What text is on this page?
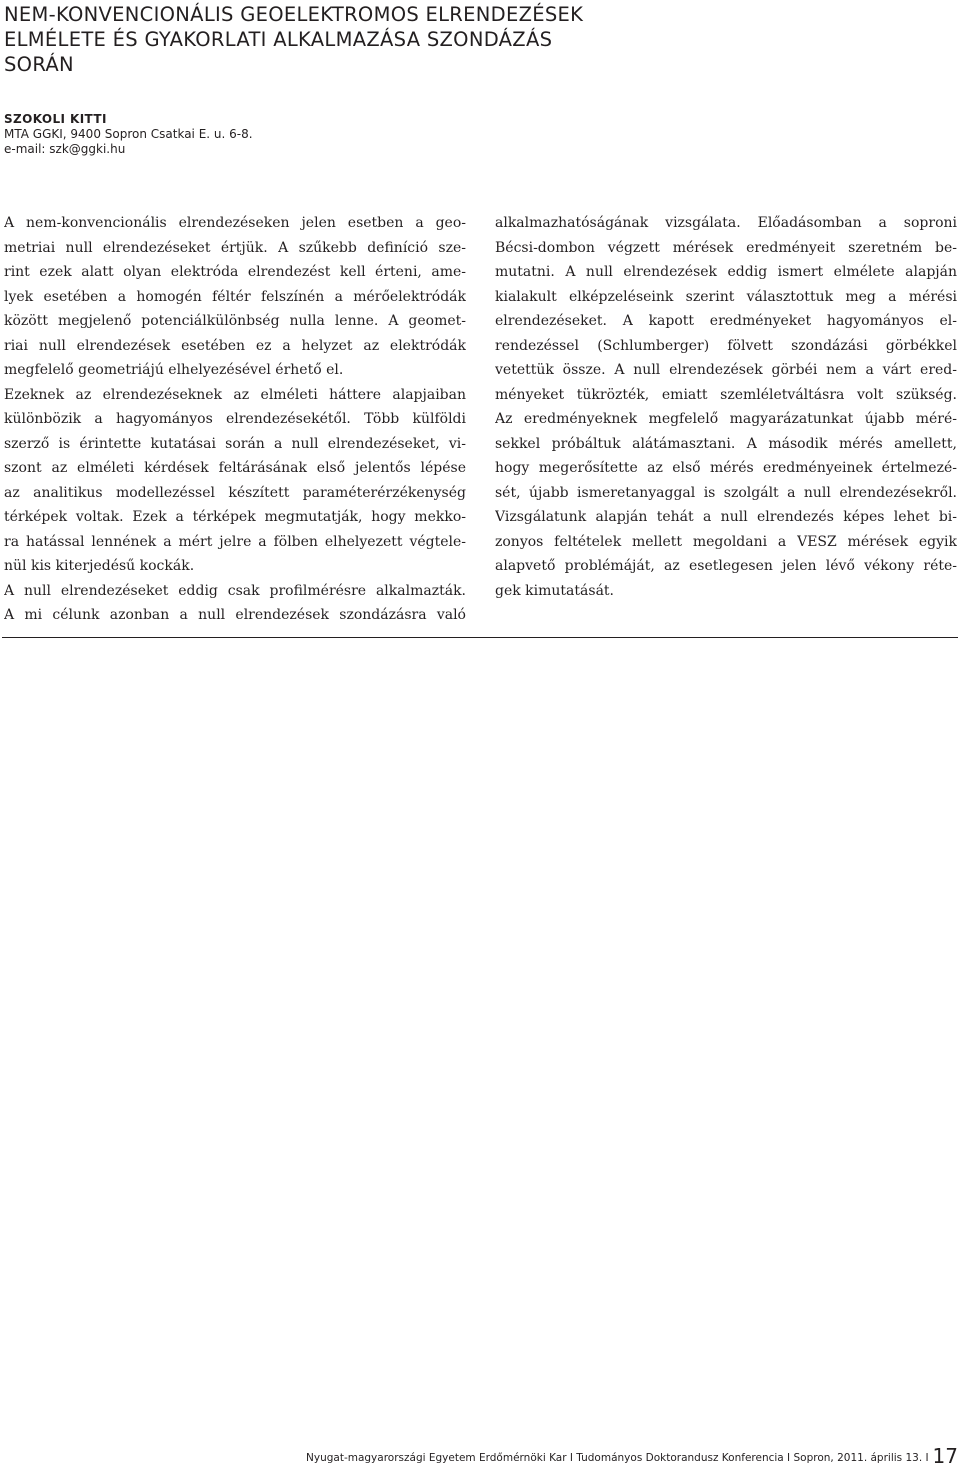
NEM-KONVENCIONÁLIS GEOELEKTROMOS ELRENDEZÉSEK
ELMÉLETE ÉS GYAKORLATI ALKALMAZÁSA SZONDÁZÁS
SORÁN
SZOKOLI KITTI
MTA GGKI, 9400 Sopron Csatkai E. u. 6-8.
e-mail: szk@ggki.hu
A nem-konvencionális elrendezéseken jelen esetben a geo-
metriai null elrendezéseket értjük. A szűkebb definíció sze-
rint ezek alatt olyan elektróda elrendezést kell érteni, ame-
lyek esetében a homogén féltér felszínén a mérőelektródák
között megjelenő potenciálkülönbség nulla lenne. A geomet-
riai null elrendezések esetében ez a helyzet az elektródák
megfelelő geometriájú elhelyezésével érhető el.
Ezeknek az elrendezéseknek az elméleti háttere alapjaiban
különbözik a hagyományos elrendezésekétől. Több külföldi
szerző is érintette kutatásai során a null elrendezéseket, vi-
szont az elméleti kérdések feltárásának első jelentős lépése
az analitikus modellezéssel készített paraméterérzékenység
térképek voltak. Ezek a térképek megmutatják, hogy mekko-
ra hatással lennének a mért jelre a fölben elhelyezett végtele-
nül kis kiterjedésű kockák.
A null elrendezéseket eddig csak profilmérésre alkalmazták.
A mi célunk azonban a null elrendezések szondázásra való
alkalmazhatóságának vizsgálata. Előadásomban a soproni
Bécsi-dombon végzett mérések eredményeit szeretném be-
mutatni. A null elrendezések eddig ismert elmélete alapján
kialakult elképzeléseink szerint választottuk meg a mérési
elrendezéseket. A kapott eredményeket hagyományos el-
rendezéssel (Schlumberger) fölvett szondázási görbékkel
vetettük össze. A null elrendezések görbéi nem a várt ered-
ményeket tükrözték, emiatt szemléletváltásra volt szükség.
Az eredményeknek megfelelő magyarázatunkat újabb méré-
sekkel próbáltuk alátámasztani. A második mérés amellett,
hogy megerősítette az első mérés eredményeinek értelmezé-
sét, újabb ismeretanyaggal is szolgált a null elrendezésekről.
Vizsgálatunk alapján tehát a null elrendezés képes lehet bi-
zonyos feltételek mellett megoldani a VESZ mérések egyik
alapvető problémáját, az esetlegesen jelen lévő vékony réte-
gek kimutatását.
Nyugat-magyarországi Egyetem Erdőmérnöki Kar I Tudományos Doktorandusz Konferencia I Sopron, 2011. április 13. I 17
